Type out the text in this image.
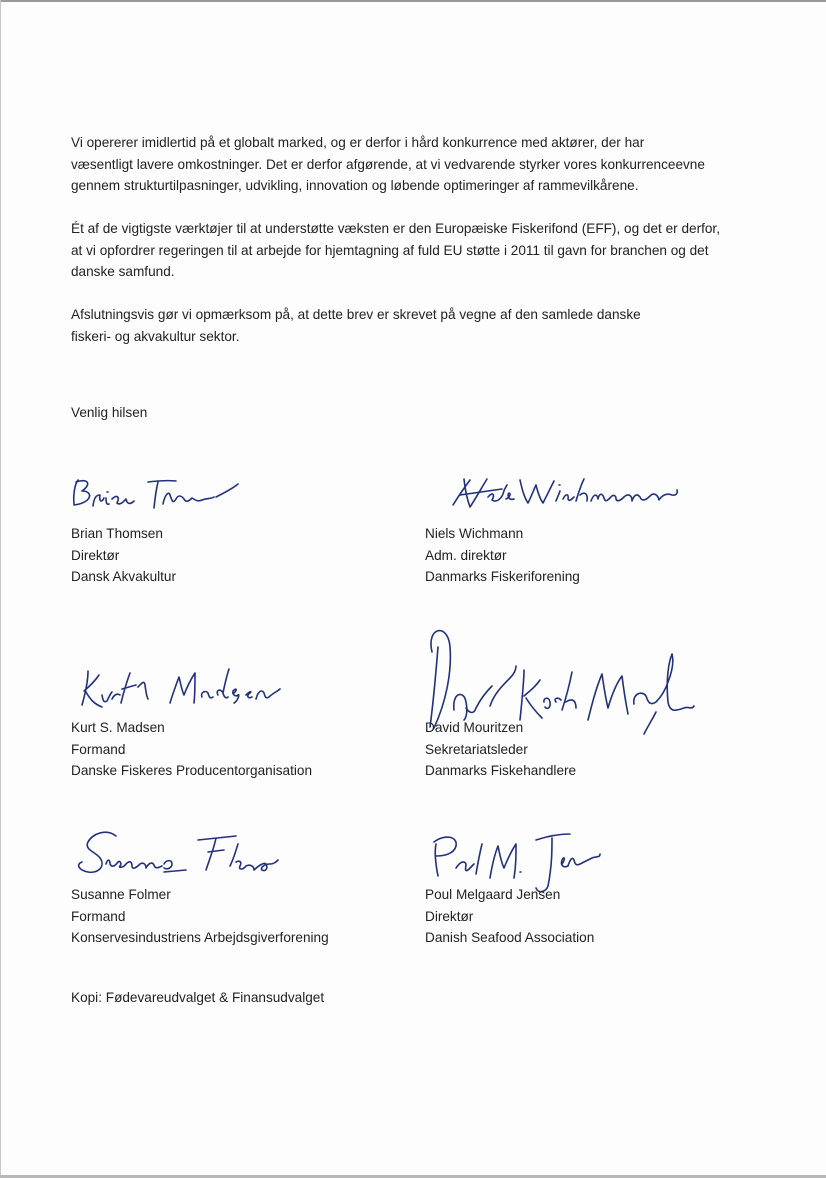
Vi opererer imidlertid på et globalt marked, og er derfor i hård konkurrence med aktører, der har
væsentligt lavere omkostninger. Det er derfor afgørende, at vi vedvarende styrker vores konkurrenceevne
gennem strukturtilpasninger, udvikling, innovation og løbende optimeringer af rammevilkårene.
Ét af de vigtigste værktøjer til at understøtte væksten er den Europæiske Fiskerifond (EFF), og det er derfor,
at vi opfordrer regeringen til at arbejde for hjemtagning af fuld EU støtte i 2011 til gavn for branchen og det
danske samfund.
Afslutningsvis gør vi opmærksom på, at dette brev er skrevet på vegne af den samlede danske
fiskeri- og akvakultur sektor.
Venlig hilsen
Brian Thomsen
Direktør
Dansk Akvakultur
Niels Wichmann
Adm. direktør
Danmarks Fiskeriforening
Kurt S. Madsen
Formand
Danske Fiskeres Producentorganisation
David Mouritzen
Sekretariatsleder
Danmarks Fiskehandlere
Susanne Folmer
Formand
Konservesindustriens Arbejdsgiverforening
Poul Melgaard Jensen
Direktør
Danish Seafood Association
Kopi: Fødevareudvalget & Finansudvalget
